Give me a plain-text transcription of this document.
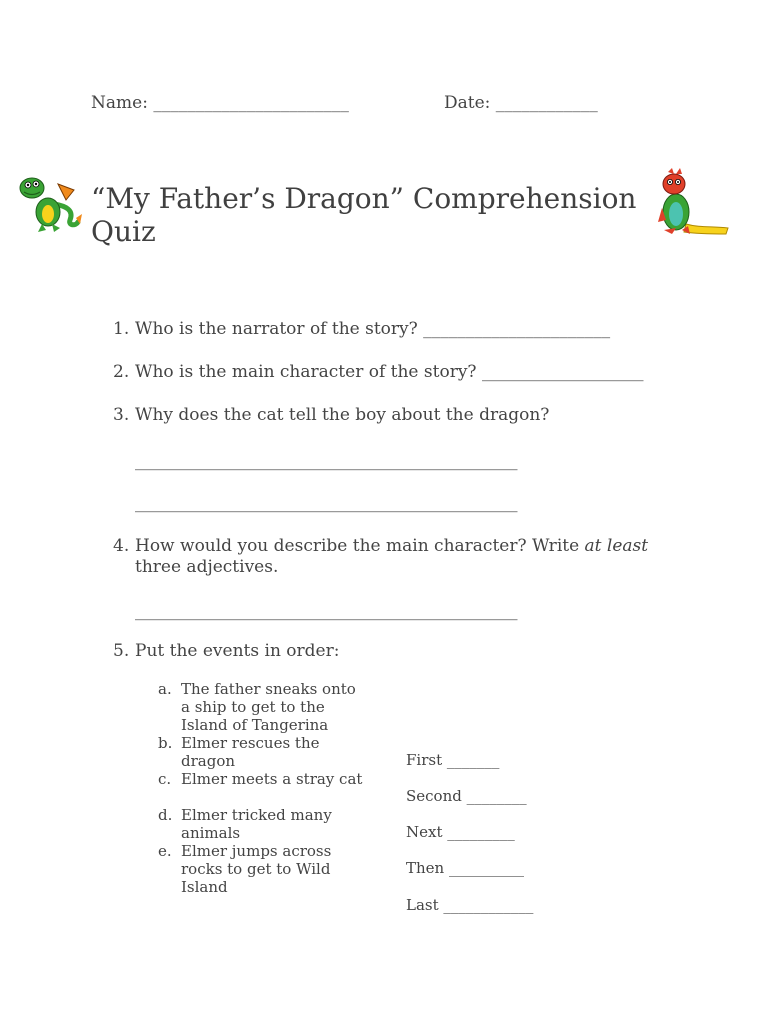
Name: _______________________	Date: ____________
“My Father’s Dragon” Comprehension Quiz
1. Who is the narrator of the story? ______________________
2. Who is the main character of the story? ___________________
3. Why does the cat tell the boy about the dragon?
_____________________________________________
_____________________________________________
4. How would you describe the main character? Write at least
three adjectives.
_____________________________________________
5. Put the events in order:
a. The father sneaks onto a ship to get to the Island of Tangerina
b. Elmer rescues the dragon
c. Elmer meets a stray cat
d. Elmer tricked many animals
e. Elmer jumps across rocks to get to Wild Island
First _______
Second ________
Next _________
Then __________
Last ____________
